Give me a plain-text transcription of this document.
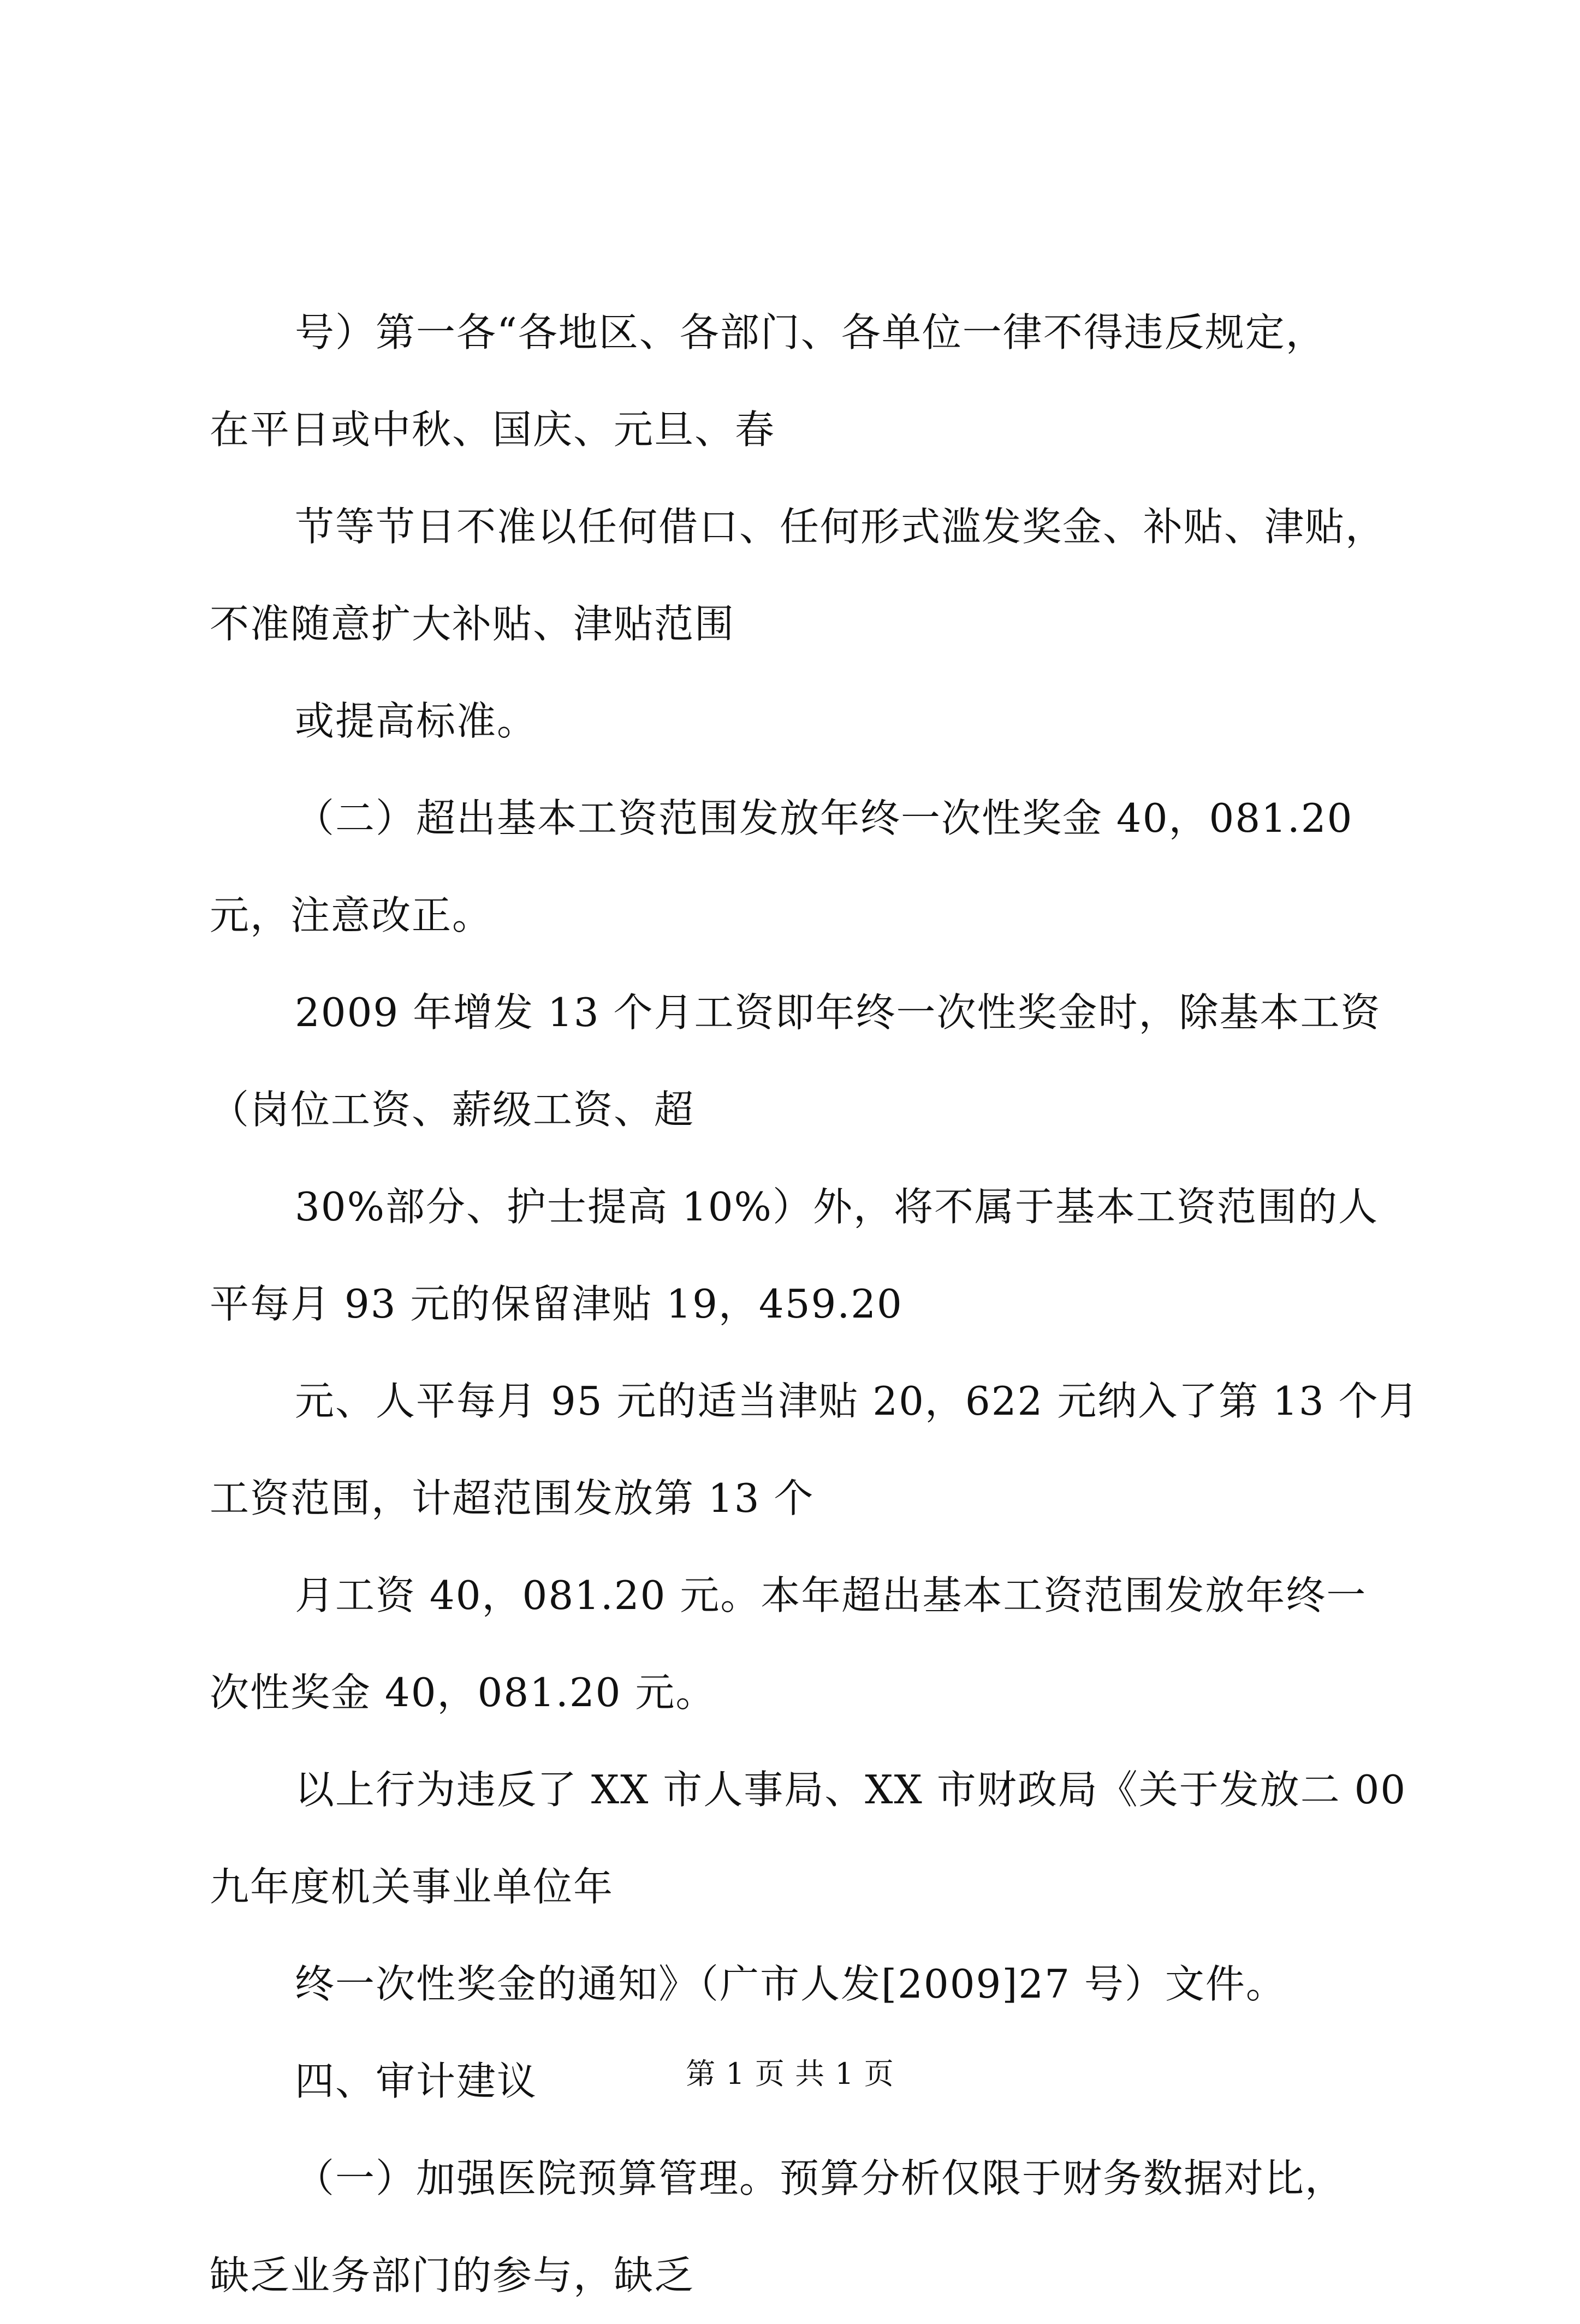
号）第一各“各地区、各部门、各单位一律不得违反规定，
在平日或中秋、国庆、元旦、春
节等节日不准以任何借口、任何形式滥发奖金、补贴、津贴，
不准随意扩大补贴、津贴范围
或提高标准。
（二）超出基本工资范围发放年终一次性奖金 40，081.20
元，注意改正。
2009 年增发 13 个月工资即年终一次性奖金时，除基本工资
（岗位工资、薪级工资、超
30%部分、护士提高 10%）外，将不属于基本工资范围的人
平每月 93 元的保留津贴 19，459.20
元、人平每月 95 元的适当津贴 20，622 元纳入了第 13 个月
工资范围，计超范围发放第 13 个
月工资 40，081.20 元。本年超出基本工资范围发放年终一
次性奖金 40，081.20 元。
以上行为违反了 XX 市人事局、XX 市财政局《关于发放二 00
九年度机关事业单位年
终一次性奖金的通知》（广市人发[2009]27 号）文件。
四、审计建议
（一）加强医院预算管理。预算分析仅限于财务数据对比，
缺乏业务部门的参与，缺乏
第 1 页 共 1 页
